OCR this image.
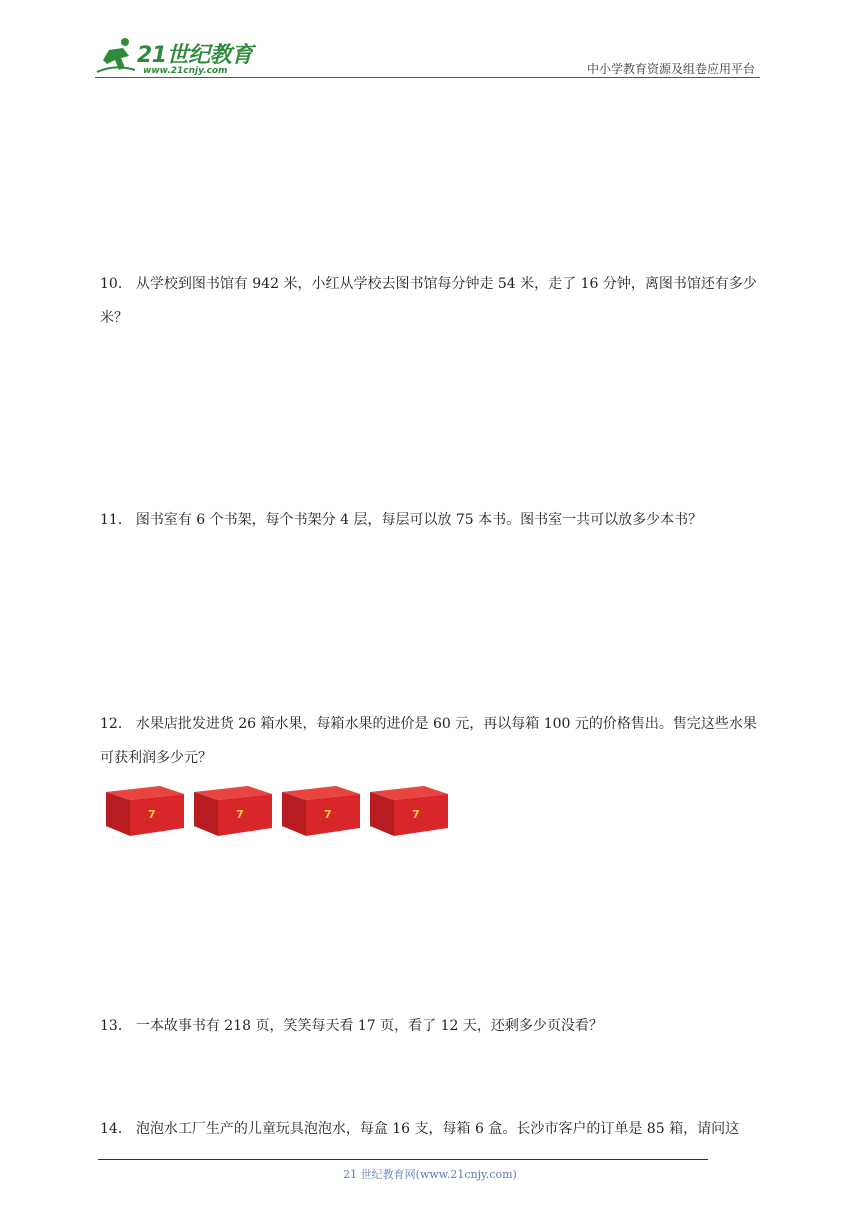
21世纪教育
www.21cnjy.com	中小学教育资源及组卷应用平台
10． 从学校到图书馆有 942 米，小红从学校去图书馆每分钟走 54 米，走了 16 分钟，离图书馆还有多少米？
11． 图书室有 6 个书架，每个书架分 4 层，每层可以放 75 本书。图书室一共可以放多少本书？
12． 水果店批发进货 26 箱水果，每箱水果的进价是 60 元，再以每箱 100 元的价格售出。售完这些水果可获利润多少元？
7	7	7	7
13． 一本故事书有 218 页，笑笑每天看 17 页，看了 12 天，还剩多少页没看？
14． 泡泡水工厂生产的儿童玩具泡泡水，每盒 16 支，每箱 6 盒。长沙市客户的订单是 85 箱，请问这
21 世纪教育网(www.21cnjy.com)
